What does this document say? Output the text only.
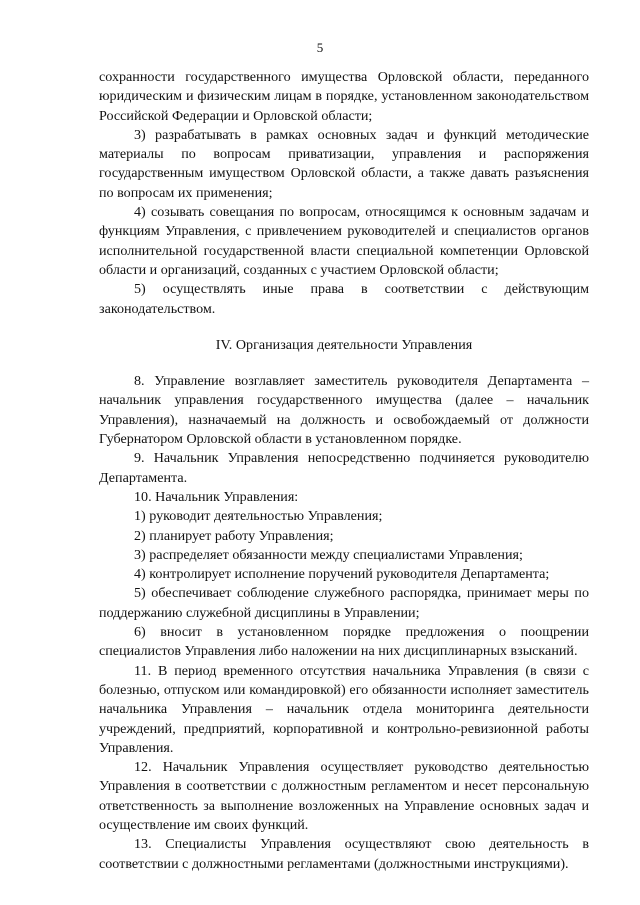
5

сохранности государственного имущества Орловской области, переданного юридическим и физическим лицам в порядке, установленном законодательством Российской Федерации и Орловской области;

3) разрабатывать в рамках основных задач и функций методические материалы по вопросам приватизации, управления и распоряжения государственным имуществом Орловской области, а также давать разъяснения по вопросам их применения;

4) созывать совещания по вопросам, относящимся к основным задачам и функциям Управления, с привлечением руководителей и специалистов органов исполнительной государственной власти специальной компетенции Орловской области и организаций, созданных с участием Орловской области;

5) осуществлять иные права в соответствии с действующим законодательством.

IV. Организация деятельности Управления

8. Управление возглавляет заместитель руководителя Департамента – начальник управления государственного имущества (далее – начальник Управления), назначаемый на должность и освобождаемый от должности Губернатором Орловской области в установленном порядке.

9. Начальник Управления непосредственно подчиняется руководителю Департамента.

10. Начальник Управления:

1) руководит деятельностью Управления;

2) планирует работу Управления;

3) распределяет обязанности между специалистами Управления;

4) контролирует исполнение поручений руководителя Департамента;

5) обеспечивает соблюдение служебного распорядка, принимает меры по поддержанию служебной дисциплины в Управлении;

6) вносит в установленном порядке предложения о поощрении специалистов Управления либо наложении на них дисциплинарных взысканий.

11. В период временного отсутствия начальника Управления (в связи с болезнью, отпуском или командировкой) его обязанности исполняет заместитель начальника Управления – начальник отдела мониторинга деятельности учреждений, предприятий, корпоративной и контрольно-ревизионной работы Управления.

12. Начальник Управления осуществляет руководство деятельностью Управления в соответствии с должностным регламентом и несет персональную ответственность за выполнение возложенных на Управление основных задач и осуществление им своих функций.

13. Специалисты Управления осуществляют свою деятельность в соответствии с должностными регламентами (должностными инструкциями).
